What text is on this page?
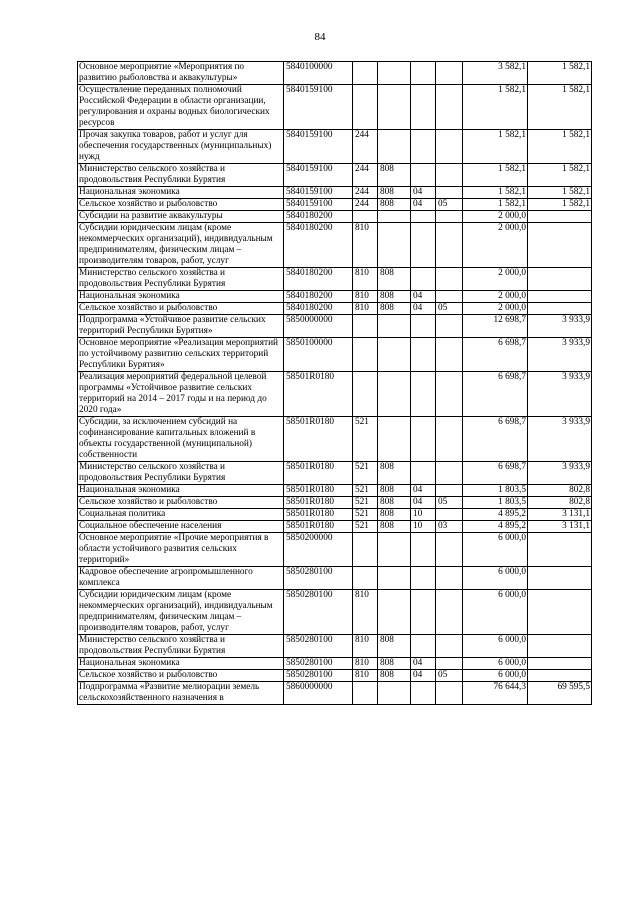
84
Основное мероприятие «Мероприятия по развитию рыболовства и аквакультуры»	5840100000					3 582,1	1 582,1
Осуществление переданных полномочий Российской Федерации в области организации, регулирования и охраны водных биологических ресурсов	5840159100					1 582,1	1 582,1
Прочая закупка товаров, работ и услуг для обеспечения государственных (муниципальных) нужд	5840159100	244				1 582,1	1 582,1
Министерство сельского хозяйства и продовольствия Республики Бурятия	5840159100	244	808			1 582,1	1 582,1
Национальная экономика	5840159100	244	808	04		1 582,1	1 582,1
Сельское хозяйство и рыболовство	5840159100	244	808	04	05	1 582,1	1 582,1
Субсидии на развитие аквакультуры	5840180200					2 000,0	
Субсидии юридическим лицам (кроме некоммерческих организаций), индивидуальным предпринимателям, физическим лицам – производителям товаров, работ, услуг	5840180200	810				2 000,0	
Министерство сельского хозяйства и продовольствия Республики Бурятия	5840180200	810	808			2 000,0	
Национальная экономика	5840180200	810	808	04		2 000,0	
Сельское хозяйство и рыболовство	5840180200	810	808	04	05	2 000,0	
Подпрограмма «Устойчивое развитие сельских территорий Республики Бурятия»	5850000000					12 698,7	3 933,9
Основное мероприятие «Реализация мероприятий по устойчивому развитию сельских территорий Республики Бурятия»	5850100000					6 698,7	3 933,9
Реализация мероприятий федеральной целевой программы «Устойчивое развитие сельских территорий на 2014 – 2017 годы и на период до 2020 года»	58501R0180					6 698,7	3 933,9
Субсидии, за исключением субсидий на софинансирование капитальных вложений в объекты государственной (муниципальной) собственности	58501R0180	521				6 698,7	3 933,9
Министерство сельского хозяйства и продовольствия Республики Бурятия	58501R0180	521	808			6 698,7	3 933,9
Национальная экономика	58501R0180	521	808	04		1 803,5	802,8
Сельское хозяйство и рыболовство	58501R0180	521	808	04	05	1 803,5	802,8
Социальная политика	58501R0180	521	808	10		4 895,2	3 131,1
Социальное обеспечение населения	58501R0180	521	808	10	03	4 895,2	3 131,1
Основное мероприятие «Прочие мероприятия в области устойчивого развития сельских территорий»	5850200000					6 000,0	
Кадровое обеспечение агропромышленного комплекса	5850280100					6 000,0	
Субсидии юридическим лицам (кроме некоммерческих организаций), индивидуальным предпринимателям, физическим лицам – производителям товаров, работ, услуг	5850280100	810				6 000,0	
Министерство сельского хозяйства и продовольствия Республики Бурятия	5850280100	810	808			6 000,0	
Национальная экономика	5850280100	810	808	04		6 000,0	
Сельское хозяйство и рыболовство	5850280100	810	808	04	05	6 000,0	
Подпрограмма «Развитие мелиорации земель сельскохозяйственного назначения в	5860000000					76 644,3	69 595,5
